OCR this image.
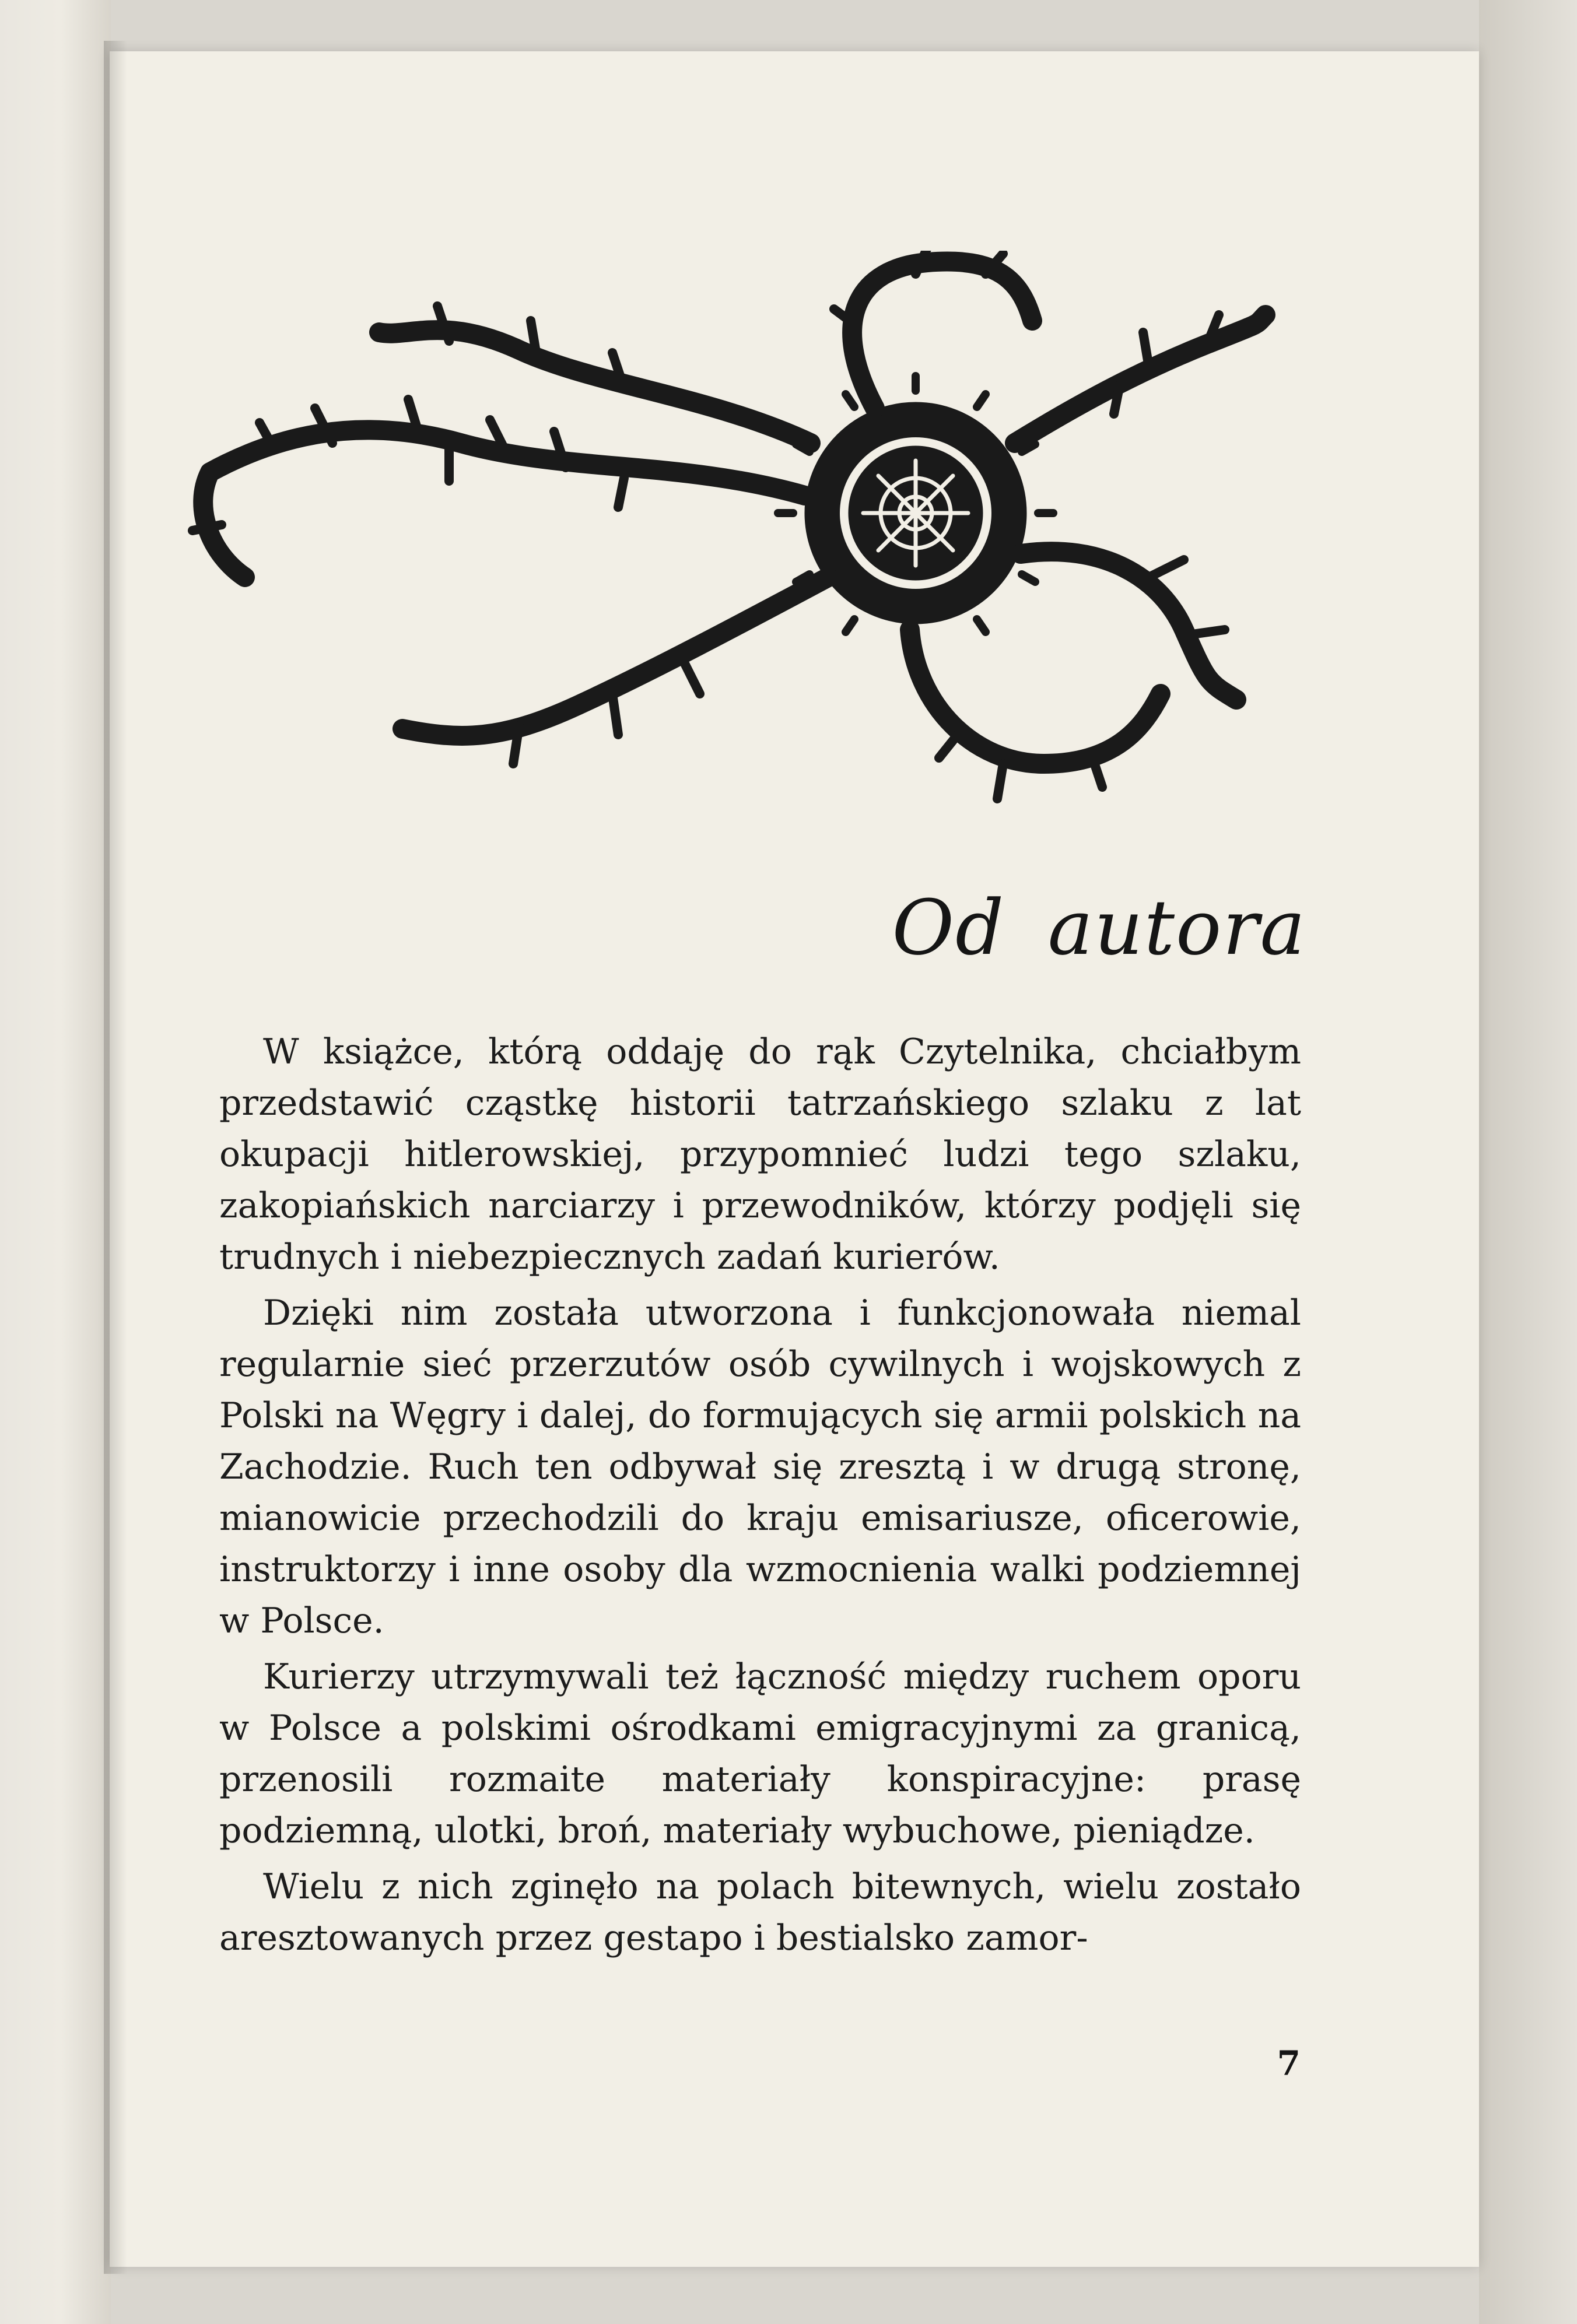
Od autora

W książce, którą oddaję do rąk Czytelnika, chciałbym przedstawić cząstkę historii tatrzańskiego szlaku z lat okupacji hitlerowskiej, przypomnieć ludzi tego szlaku, zakopiańskich narciarzy i przewodników, którzy podjęli się trudnych i niebezpiecznych zadań kurierów.

Dzięki nim została utworzona i funkcjonowała niemal regularnie sieć przerzutów osób cywilnych i wojskowych z Polski na Węgry i dalej, do formujących się armii polskich na Zachodzie. Ruch ten odbywał się zresztą i w drugą stronę, mianowicie przechodzili do kraju emisariusze, oficerowie, instruktorzy i inne osoby dla wzmocnienia walki podziemnej w Polsce.

Kurierzy utrzymywali też łączność między ruchem oporu w Polsce a polskimi ośrodkami emigracyjnymi za granicą, przenosili rozmaite materiały konspiracyjne: prasę podziemną, ulotki, broń, materiały wybuchowe, pieniądze.

Wielu z nich zginęło na polach bitewnych, wielu zostało aresztowanych przez gestapo i bestialsko zamor-

7
